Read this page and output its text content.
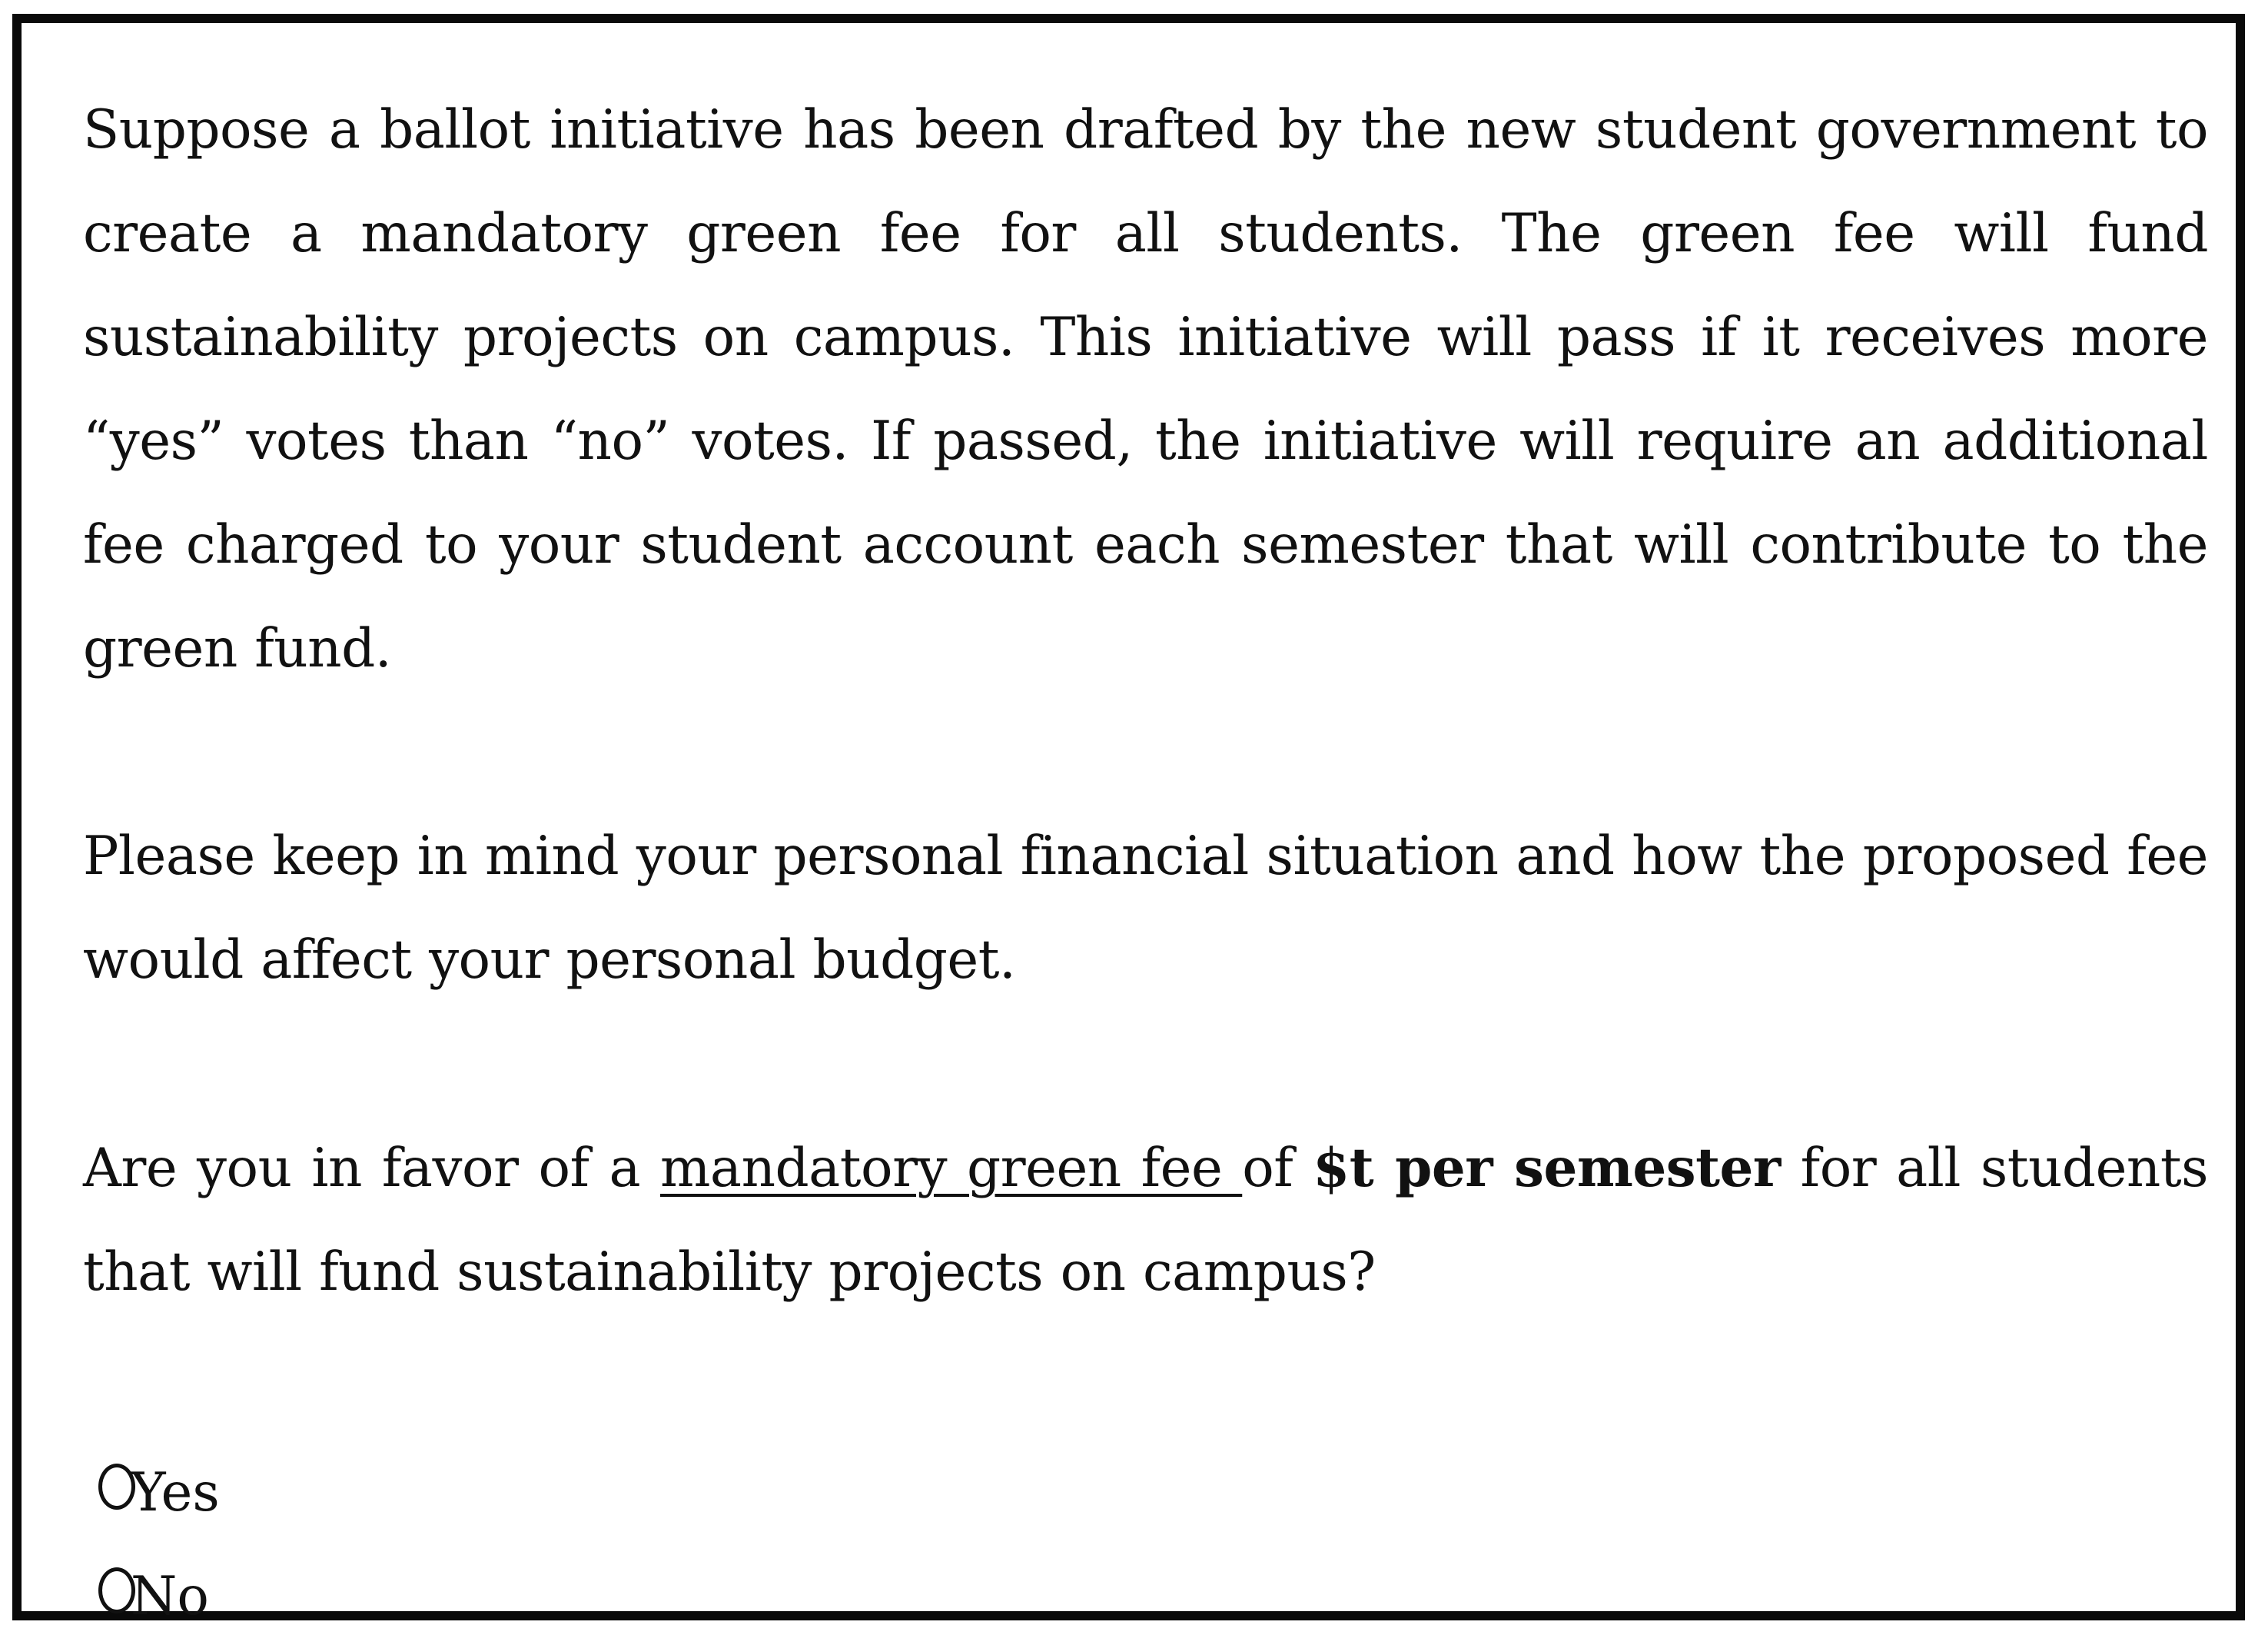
Suppose a ballot initiative has been drafted by the new student government to create a mandatory green fee for all students. The green fee will fund sustainability projects on campus. This initiative will pass if it receives more “yes” votes than “no” votes. If passed, the initiative will require an additional fee charged to your student account each semester that will contribute to the green fund.

Please keep in mind your personal financial situation and how the proposed fee would affect your personal budget.

Are you in favor of a mandatory green fee of $t per semester for all students that will fund sustainability projects on campus?

Yes
No
